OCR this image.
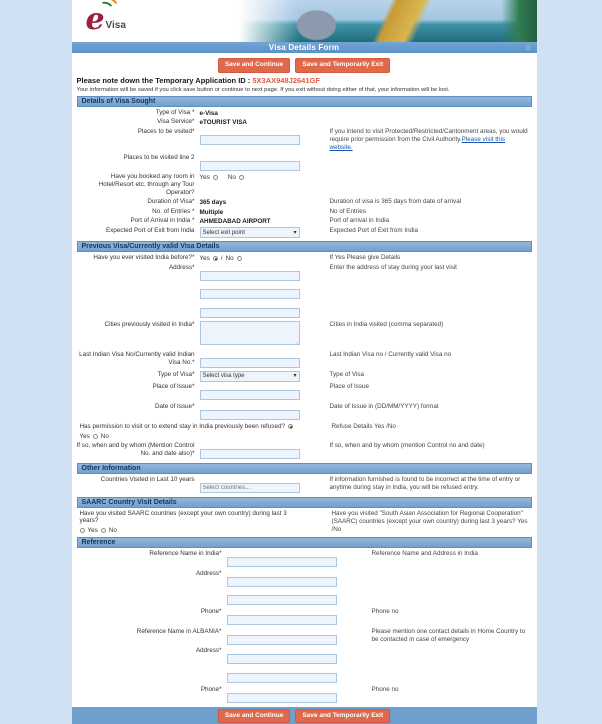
e Visa
Visa Details Form	⌂
Save and Continue	Save and Temporarily Exit
Please note down the Temporary Application ID : 5X3AX948J2641GF
Your information will be saved if you click save button or continue to next page. If you exit without doing either of that, your information will be lost.
Details of Visa Sought
Type of Visa * e-Visa
Visa Service* eTOURIST VISA
Places to be visited*	If you intend to visit Protected/Restricted/Cantonment areas, you would require prior permission from the Civil Authority.Please visit this website.
Places to be visited line 2
Have you booked any room in Hotel/Resort etc. through any Tour Operator?
Yes	No
Duration of Visa* 365 days	Duration of visa is 365 days from date of arrival
No. of Entries * Multiple	No of Entries
Port of Arrival in India * AHMEDABAD AIRPORT	Port of arrival in India
Expected Port of Exit from India	Select exit point	▾	Expected Port of Exit from India
Previous Visa/Currently valid Visa Details
Have you ever visited India before?* Yes / No	If Yes Please give Details
Address*
	Enter the address of stay during your last visit
Cities previously visited in India*	Cities in India visited (comma separated)
Last Indian Visa No/Currently valid Indian Visa No.*
Last Indian Visa no / Currently valid Visa no
Type of Visa*	Select visa type	▾	Type of Visa
Place of Issue*	Place of Issue
Date of Issue*	Date of Issue in (DD/MM/YYYY) format
Has permission to visit or to extend stay in India previously been refused?
Yes No
Refuse Details Yes /No
If so, when and by whom (Mention Control No. and date also)*
If so, when and by whom (mention Control no and date)
Other Information
Countries Visited in Last 10 years
Select countries...	If information furnished is found to be incorrect at the time of entry or anytime during stay in India, you will be refused entry.
SAARC Country Visit Details
Have you visited SAARC countries (except your own country) during last 3 years?
Yes No
Have you visited "South Asian Association for Regional Cooperation" (SAARC) countries (except your own country) during last 3 years? Yes /No
Reference
Reference Name in India*	Reference Name and Address in India
Address*

Phone*	Phone no
Reference Name in ALBANIA*	Please mention one contact details in Home Country to be contacted in case of emergency
Address*

Phone*	Phone no
Save and Continue	Save and Temporarily Exit
